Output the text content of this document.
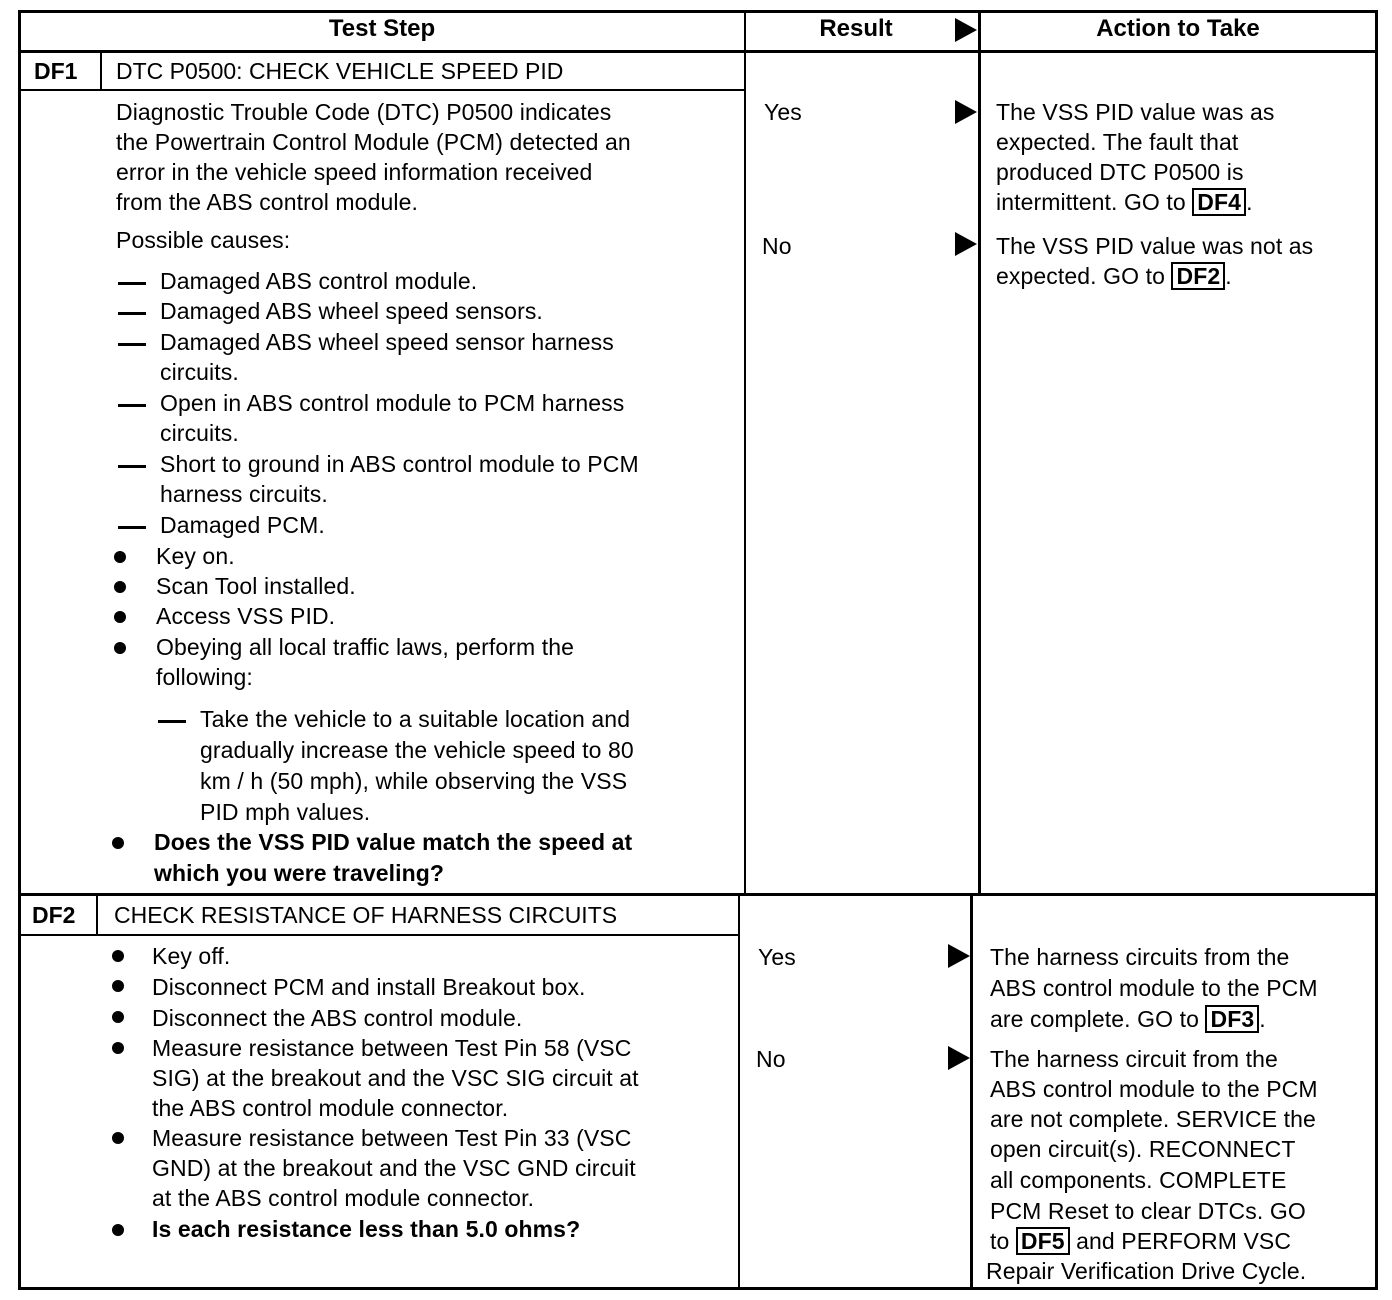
Test Step	Result	Action to Take
DF1 DTC P0500: CHECK VEHICLE SPEED PID
Diagnostic Trouble Code (DTC) P0500 indicates
the Powertrain Control Module (PCM) detected an
error in the vehicle speed information received
from the ABS control module.
Possible causes:
Damaged ABS control module.
Damaged ABS wheel speed sensors.
Damaged ABS wheel speed sensor harness
circuits.
Open in ABS control module to PCM harness
circuits.
Short to ground in ABS control module to PCM
harness circuits.
Damaged PCM.
Key on.
Scan Tool installed.
Access VSS PID.
Obeying all local traffic laws, perform the
following:
Take the vehicle to a suitable location and
gradually increase the vehicle speed to 80
km / h (50 mph), while observing the VSS
PID mph values.
Does the VSS PID value match the speed at
which you were traveling?
Yes
No
The VSS PID value was as
expected. The fault that
produced DTC P0500 is
intermittent. GO to DF4 .
The VSS PID value was not as
expected. GO to DF2 .
DF2 CHECK RESISTANCE OF HARNESS CIRCUITS
Key off.
Disconnect PCM and install Breakout box.
Disconnect the ABS control module.
Measure resistance between Test Pin 58 (VSC
SIG) at the breakout and the VSC SIG circuit at
the ABS control module connector.
Measure resistance between Test Pin 33 (VSC
GND) at the breakout and the VSC GND circuit
at the ABS control module connector.
Is each resistance less than 5.0 ohms?
Yes
No
The harness circuits from the
ABS control module to the PCM
are complete. GO to DF3 .
The harness circuit from the
ABS control module to the PCM
are not complete. SERVICE the
open circuit(s). RECONNECT
all components. COMPLETE
PCM Reset to clear DTCs. GO
to DF5 and PERFORM VSC
Repair Verification Drive Cycle.
